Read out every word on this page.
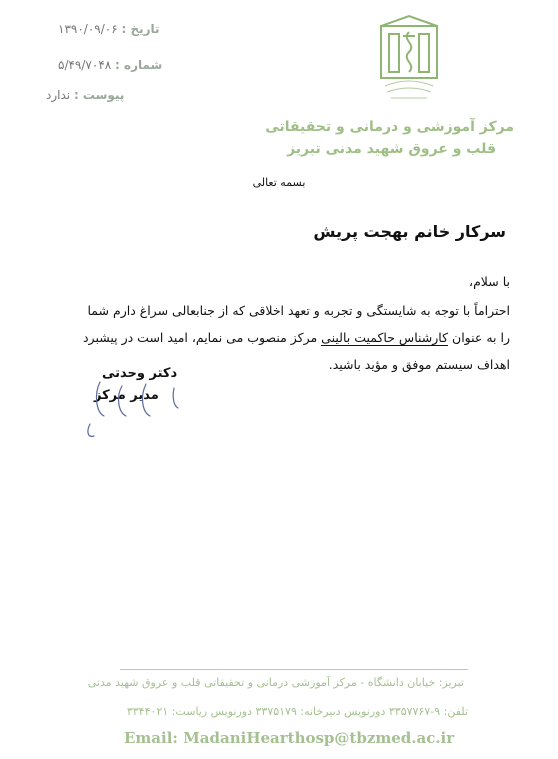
تاریخ : ۱۳۹۰/۰۹/۰۶
شماره : ۵/۴۹/۷۰۴۸
پیوست : ندارد
مرکز آموزشی و درمانی و تحقیقاتی
قلب و عروق شهید مدنی تبریز
بسمه تعالی
سرکار خانم بهجت پریش
با سلام،
احتراماً با توجه به شایستگی و تجربه و تعهد اخلاقی که از جنابعالی سراغ دارم شما
را به عنوان کارشناس حاکمیت بالینی مرکز منصوب می نمایم، امید است در پیشبرد
اهداف سیستم موفق و مؤید باشید.
دکتر وحدتی
مدیر مرکز
تبریز: خیابان دانشگاه - مرکز آموزشی درمانی و تحقیقاتی قلب و عروق شهید مدنی
تلفن: ۹-۳۳۵۷۷۶۷ دورنویس دبیرخانه: ۳۳۷۵۱۷۹ دورنویس ریاست: ۳۳۴۴۰۲۱
Email: MadaniHearthosp@tbzmed.ac.ir
